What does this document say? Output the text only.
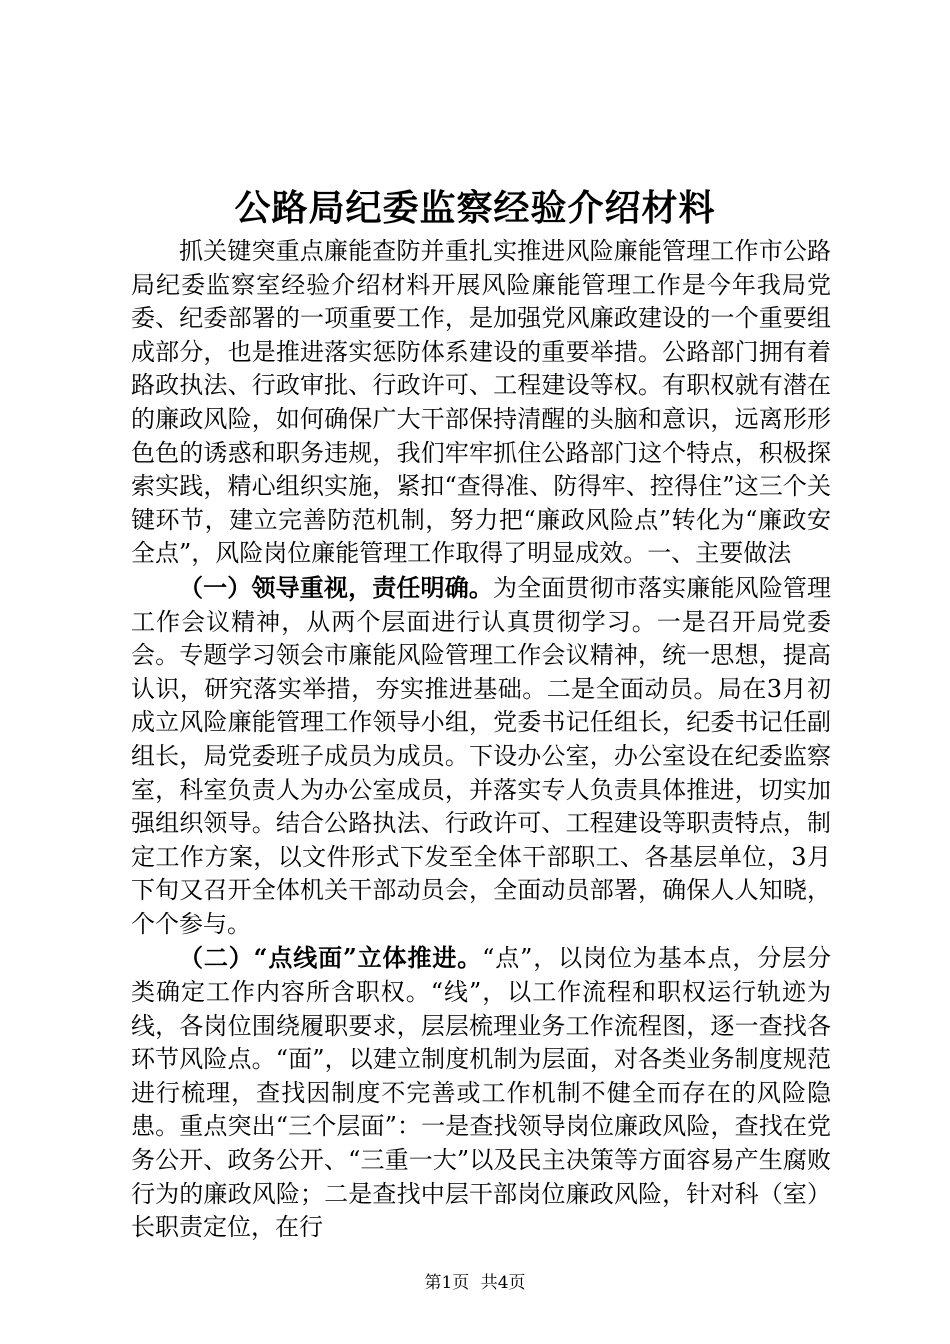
公路局纪委监察经验介绍材料

抓关键突重点廉能查防并重扎实推进风险廉能管理工作市公路局纪委监察室经验介绍材料开展风险廉能管理工作是今年我局党委、纪委部署的一项重要工作，是加强党风廉政建设的一个重要组成部分，也是推进落实惩防体系建设的重要举措。公路部门拥有着路政执法、行政审批、行政许可、工程建设等权。有职权就有潜在的廉政风险，如何确保广大干部保持清醒的头脑和意识，远离形形色色的诱惑和职务违规，我们牢牢抓住公路部门这个特点，积极探索实践，精心组织实施，紧扣“查得准、防得牢、控得住”这三个关键环节，建立完善防范机制，努力把“廉政风险点”转化为“廉政安全点”，风险岗位廉能管理工作取得了明显成效。一、主要做法

（一）领导重视，责任明确。为全面贯彻市落实廉能风险管理工作会议精神，从两个层面进行认真贯彻学习。一是召开局党委会。专题学习领会市廉能风险管理工作会议精神，统一思想，提高认识，研究落实举措，夯实推进基础。二是全面动员。局在3月初成立风险廉能管理工作领导小组，党委书记任组长，纪委书记任副组长，局党委班子成员为成员。下设办公室，办公室设在纪委监察室，科室负责人为办公室成员，并落实专人负责具体推进，切实加强组织领导。结合公路执法、行政许可、工程建设等职责特点，制定工作方案，以文件形式下发至全体干部职工、各基层单位，3月下旬又召开全体机关干部动员会，全面动员部署，确保人人知晓，个个参与。

（二）“点线面”立体推进。“点”，以岗位为基本点，分层分类确定工作内容所含职权。“线”，以工作流程和职权运行轨迹为线，各岗位围绕履职要求，层层梳理业务工作流程图，逐一查找各环节风险点。“面”，以建立制度机制为层面，对各类业务制度规范进行梳理，查找因制度不完善或工作机制不健全而存在的风险隐患。重点突出“三个层面”：一是查找领导岗位廉政风险，查找在党务公开、政务公开、“三重一大”以及民主决策等方面容易产生腐败行为的廉政风险；二是查找中层干部岗位廉政风险，针对科（室）长职责定位，在行

第1页 共4页
